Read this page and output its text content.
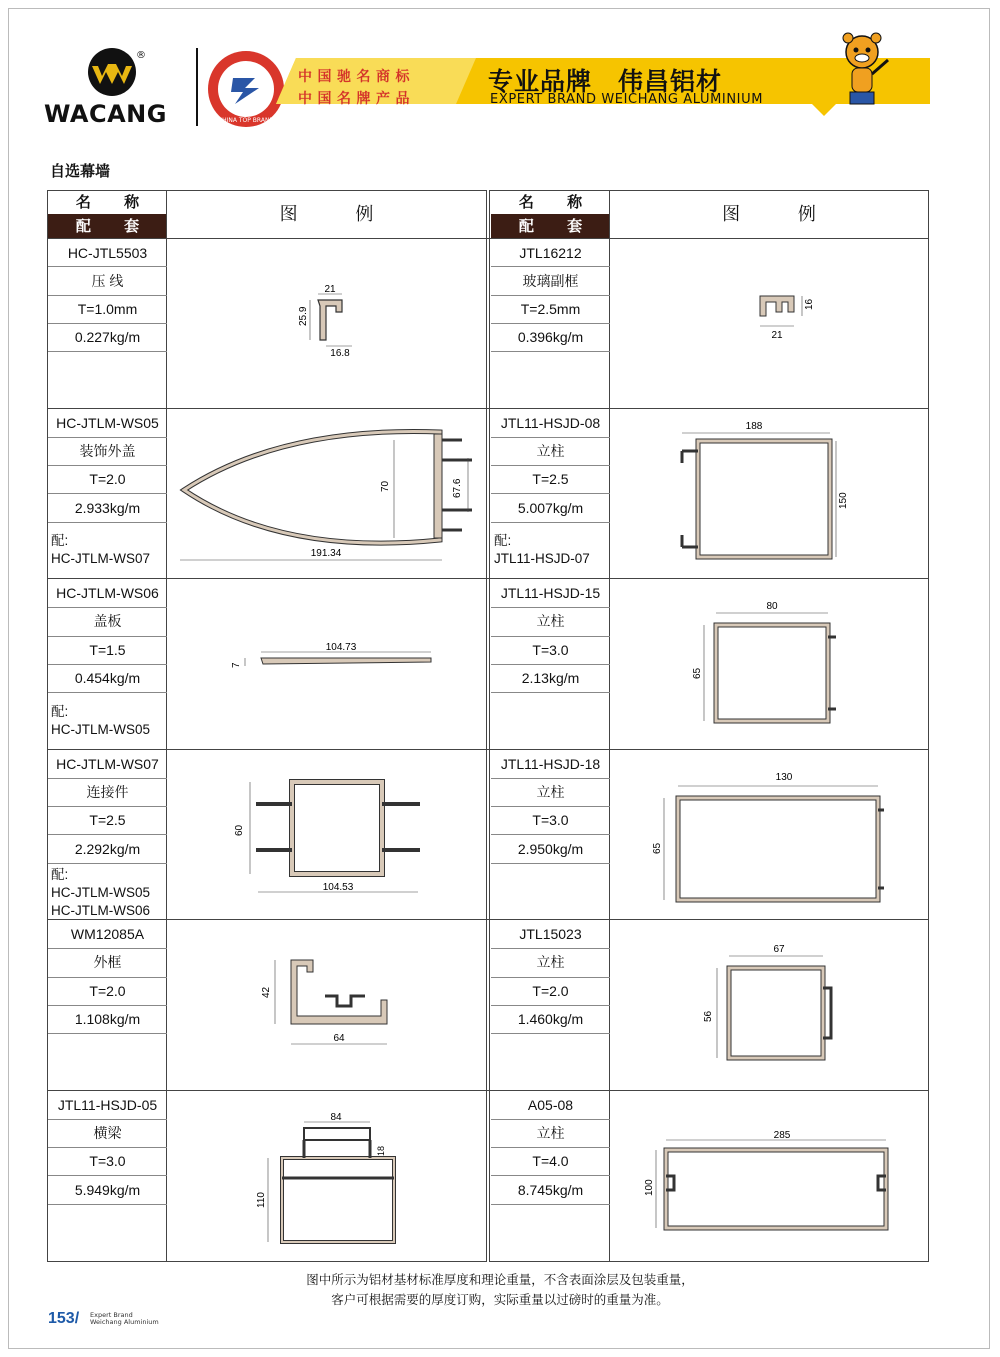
®
WACANG	CHINA TOP BRAND
中国驰名商标
中国名牌产品
专业品牌　伟昌铝材
EXPERT BRAND WEICHANG ALUMINIUM
自选幕墙
名 称
配 套
图 例
名 称
配 套
图 例
HC-JTL5503
压 线
T=1.0mm
0.227kg/m
21
25.9
16.8
HC-JTLM-WS05
装饰外盖
T=2.0
2.933kg/m
配:
HC-JTLM-WS07
70	67.6
191.34
HC-JTLM-WS06
盖板
T=1.5
0.454kg/m
配:
HC-JTLM-WS05
104.73
7
HC-JTLM-WS07
连接件
T=2.5
2.292kg/m
配:
HC-JTLM-WS05
HC-JTLM-WS06
60
104.53
WM12085A
外框
T=2.0
1.108kg/m
42
64
JTL11-HSJD-05
横梁
T=3.0
5.949kg/m
84
18
110
JTL16212
玻璃副框
T=2.5mm
0.396kg/m
16
21
JTL11-HSJD-08
立柱
T=2.5
5.007kg/m
配:
JTL11-HSJD-07
188
150
JTL11-HSJD-15
立柱
T=3.0
2.13kg/m
80
65
JTL11-HSJD-18
立柱
T=3.0
2.950kg/m
130
65
JTL15023
立柱
T=2.0
1.460kg/m
67
56
A05-08
立柱
T=4.0
8.745kg/m
285
100
图中所示为铝材基材标准厚度和理论重量，不含表面涂层及包装重量，
客户可根据需要的厚度订购，实际重量以过磅时的重量为准。
153/ Expert Brand
Weichang Aluminium
